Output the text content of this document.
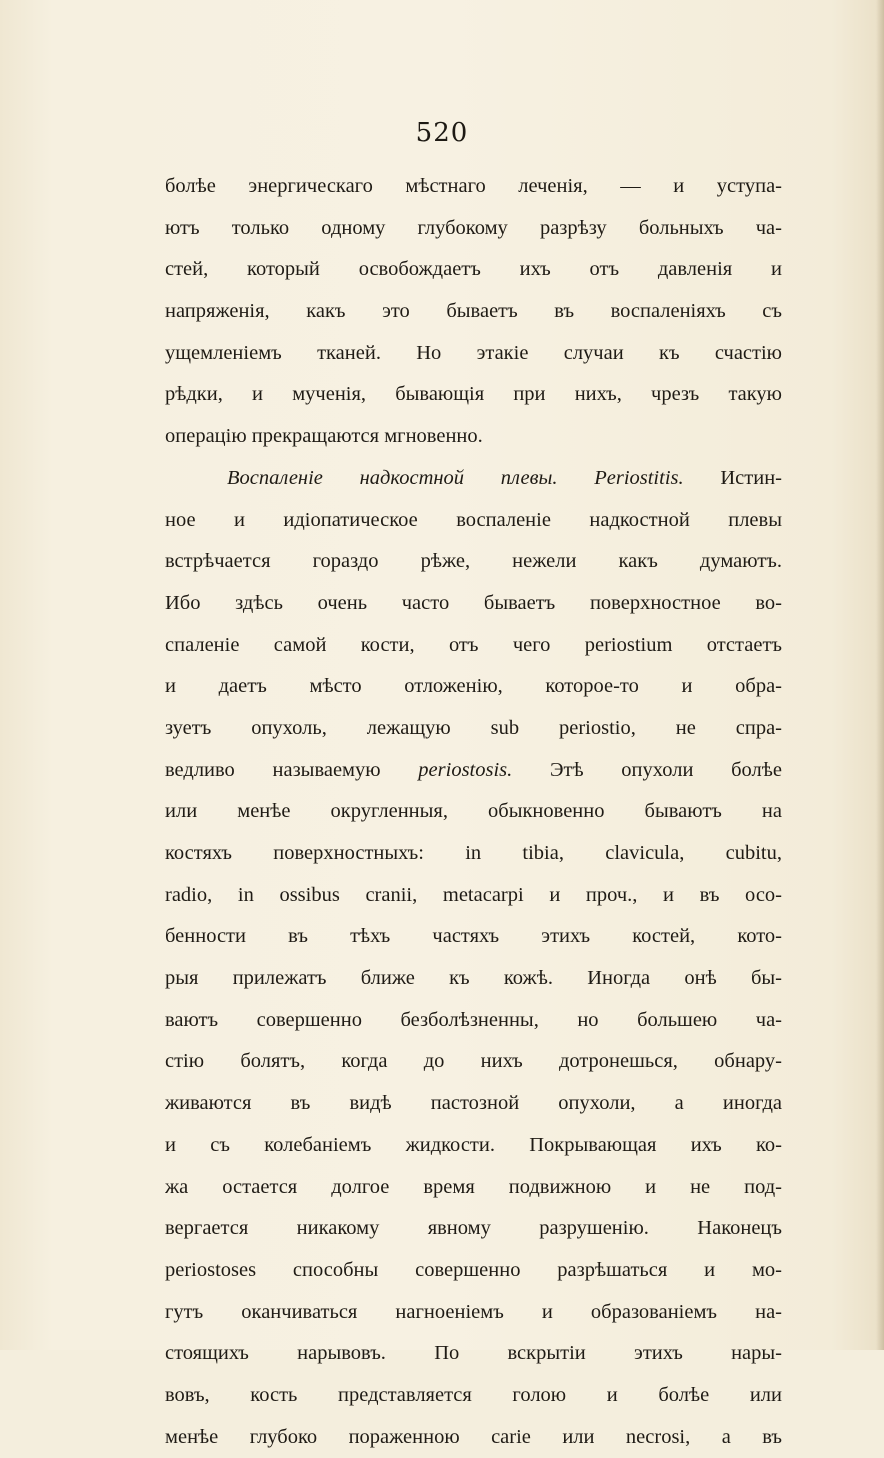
520
болѣе энергическаго мѣстнаго леченія, — и уступа-
ютъ только одному глубокому разрѣзу больныхъ ча-
стей, который освобождаетъ ихъ отъ давленія и
напряженія, какъ это бываетъ въ воспаленіяхъ съ
ущемленіемъ тканей. Но этакіе случаи къ счастію
рѣдки, и мученія, бывающія при нихъ, чрезъ такую
операцію прекращаются мгновенно.
Воспаленіе надкостной плевы. Periostitis. Истин-
ное и идіопатическое воспаленіе надкостной плевы
встрѣчается гораздо рѣже, нежели какъ думаютъ.
Ибо здѣсь очень часто бываетъ поверхностное во-
спаленіе самой кости, отъ чего periostium отстаетъ
и даетъ мѣсто отложенію, которое-то и обра-
зуетъ опухоль, лежащую sub periostio, не спра-
ведливо называемую periostosis. Этѣ опухоли болѣе
или менѣе округленныя, обыкновенно бываютъ на
костяхъ поверхностныхъ: in tibia, clavicula, cubitu,
radio, in ossibus cranii, metacarpi и проч., и въ осо-
бенности въ тѣхъ частяхъ этихъ костей, кото-
рыя прилежатъ ближе къ кожѣ. Иногда онѣ бы-
ваютъ совершенно безболѣзненны, но большею ча-
стію болятъ, когда до нихъ дотронешься, обнару-
живаются въ видѣ пастозной опухоли, а иногда
и съ колебаніемъ жидкости. Покрывающая ихъ ко-
жа остается долгое время подвижною и не под-
вергается никакому явному разрушенію. Наконецъ
periostoses способны совершенно разрѣшаться и мо-
гутъ оканчиваться нагноеніемъ и образованіемъ на-
стоящихъ нарывовъ. По вскрытіи этихъ нары-
вовъ, кость представляется голою и болѣе или
менѣе глубоко пораженною carie или necrosi, а въ
